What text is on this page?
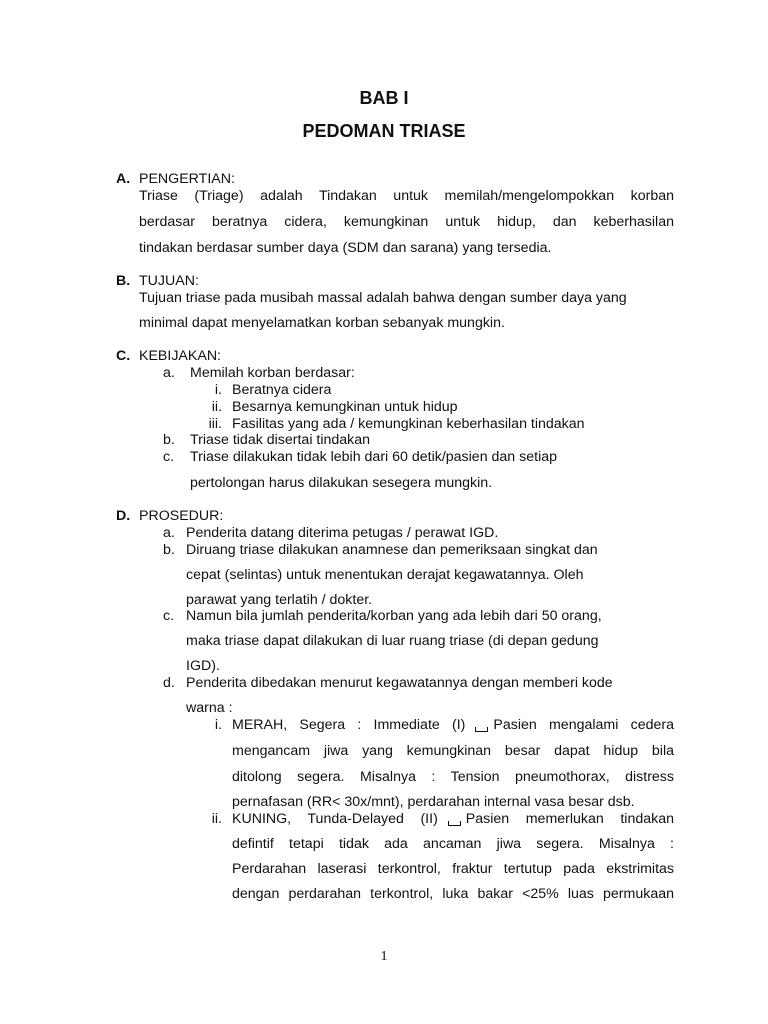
BAB I
PEDOMAN TRIASE
A. PENGERTIAN:
Triase (Triage) adalah Tindakan untuk memilah/mengelompokkan korban
berdasar beratnya cidera, kemungkinan untuk hidup, dan keberhasilan
tindakan berdasar sumber daya (SDM dan sarana) yang tersedia.
B. TUJUAN:
Tujuan triase pada musibah massal adalah bahwa dengan sumber daya yang
minimal dapat menyelamatkan korban sebanyak mungkin.
C. KEBIJAKAN:
a. Memilah korban berdasar:
i. Beratnya cidera
ii. Besarnya kemungkinan untuk hidup
iii. Fasilitas yang ada / kemungkinan keberhasilan tindakan
b. Triase tidak disertai tindakan
c. Triase dilakukan tidak lebih dari 60 detik/pasien dan setiap
pertolongan harus dilakukan sesegera mungkin.
D. PROSEDUR:
a. Penderita datang diterima petugas / perawat IGD.
b. Diruang triase dilakukan anamnese dan pemeriksaan singkat dan
cepat (selintas) untuk menentukan derajat kegawatannya. Oleh
parawat yang terlatih / dokter.
c. Namun bila jumlah penderita/korban yang ada lebih dari 50 orang,
maka triase dapat dilakukan di luar ruang triase (di depan gedung
IGD).
d. Penderita dibedakan menurut kegawatannya dengan memberi kode
warna :
i. MERAH, Segera : Immediate (I) Pasien mengalami cedera
mengancam jiwa yang kemungkinan besar dapat hidup bila
ditolong segera. Misalnya : Tension pneumothorax, distress
pernafasan (RR< 30x/mnt), perdarahan internal vasa besar dsb.
ii. KUNING, Tunda-Delayed (II) Pasien memerlukan tindakan
defintif tetapi tidak ada ancaman jiwa segera. Misalnya :
Perdarahan laserasi terkontrol, fraktur tertutup pada ekstrimitas
dengan perdarahan terkontrol, luka bakar <25% luas permukaan
1
